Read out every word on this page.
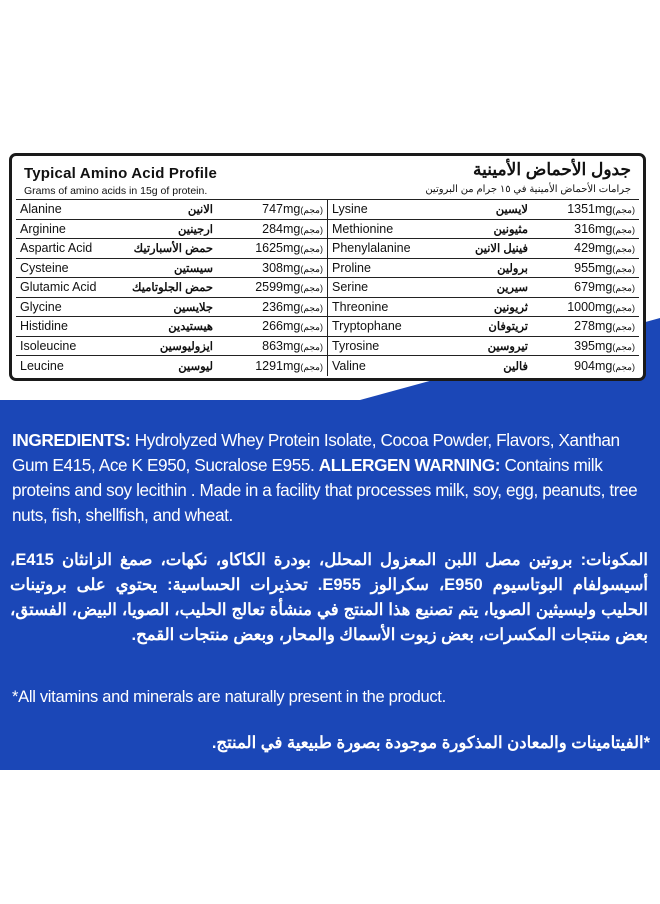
Typical Amino Acid Profile
Grams of amino acids in 15g of protein.
جدول الأحماض الأمينية
جرامات الأحماض الأمينية في ١٥ جرام من البروتين
Alanine	الانين	747mg(مجم)
Arginine	ارجينين	284mg(مجم)
Aspartic Acid	حمض الأسبارتيك	1625mg(مجم)
Cysteine	سيستين	308mg(مجم)
Glutamic Acid	حمض الجلوتاميك	2599mg(مجم)
Glycine	جلايسين	236mg(مجم)
Histidine	هيستيدين	266mg(مجم)
Isoleucine	ايزوليوسين	863mg(مجم)
Leucine	ليوسين	1291mg(مجم)
Lysine	لايسين	1351mg(مجم)
Methionine	مثيونين	316mg(مجم)
Phenylalanine	فينيل الانين	429mg(مجم)
Proline	برولين	955mg(مجم)
Serine	سيرين	679mg(مجم)
Threonine	ثريونين	1000mg(مجم)
Tryptophane	تريتوفان	278mg(مجم)
Tyrosine	تيروسين	395mg(مجم)
Valine	فالين	904mg(مجم)
INGREDIENTS: Hydrolyzed Whey Protein Isolate, Cocoa Powder, Flavors, Xanthan Gum E415, Ace K E950, Sucralose E955. ALLERGEN WARNING: Contains milk proteins and soy lecithin . Made in a facility that processes milk, soy, egg, peanuts, tree nuts, fish, shellfish, and wheat.
المكونات: بروتين مصل اللبن المعزول المحلل، بودرة الكاكاو، نكهات، صمغ الزانثان E415، أسيسولفام البوتاسيوم E950، سكرالوز E955. تحذيرات الحساسية: يحتوي على بروتينات الحليب وليسيثين الصويا، يتم تصنيع هذا المنتج في منشأة تعالج الحليب، الصويا، البيض، الفستق، بعض منتجات المكسرات، بعض زيوت الأسماك والمحار، وبعض منتجات القمح.
*All vitamins and minerals are naturally present in the product.
*الفيتامينات والمعادن المذكورة موجودة بصورة طبيعية في المنتج.
